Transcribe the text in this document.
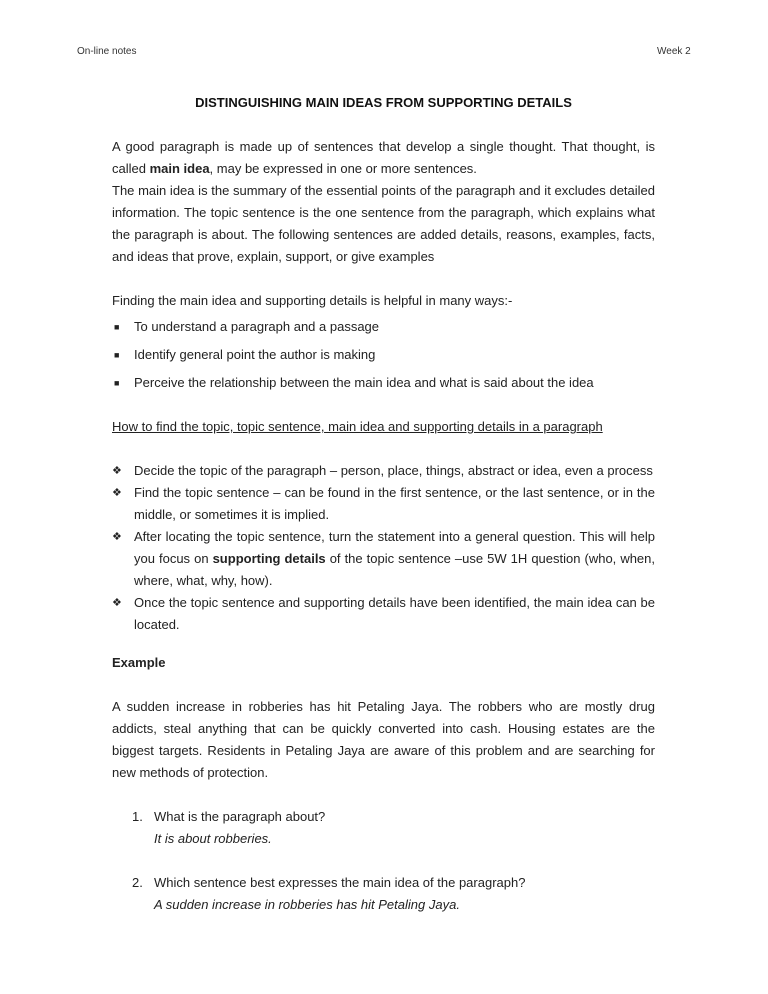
On-line notes	Week 2
DISTINGUISHING MAIN IDEAS FROM SUPPORTING DETAILS

A good paragraph is made up of sentences that develop a single thought. That thought, is called main idea, may be expressed in one or more sentences.

The main idea is the summary of the essential points of the paragraph and it excludes detailed information. The topic sentence is the one sentence from the paragraph, which explains what the paragraph is about. The following sentences are added details, reasons, examples, facts, and ideas that prove, explain, support, or give examples

Finding the main idea and supporting details is helpful in many ways:-

■ To understand a paragraph and a passage
■ Identify general point the author is making
■ Perceive the relationship between the main idea and what is said about the idea

How to find the topic, topic sentence, main idea and supporting details in a paragraph

❖ Decide the topic of the paragraph – person, place, things, abstract or idea, even a process
❖ Find the topic sentence – can be found in the first sentence, or the last sentence, or in the middle, or sometimes it is implied.
❖ After locating the topic sentence, turn the statement into a general question. This will help you focus on supporting details of the topic sentence –use 5W 1H question (who, when, where, what, why, how).
❖ Once the topic sentence and supporting details have been identified, the main idea can be located.

Example

A sudden increase in robberies has hit Petaling Jaya. The robbers who are mostly drug addicts, steal anything that can be quickly converted into cash. Housing estates are the biggest targets. Residents in Petaling Jaya are aware of this problem and are searching for new methods of protection.

1. What is the paragraph about?
It is about robberies.
2. Which sentence best expresses the main idea of the paragraph?
A sudden increase in robberies has hit Petaling Jaya.
